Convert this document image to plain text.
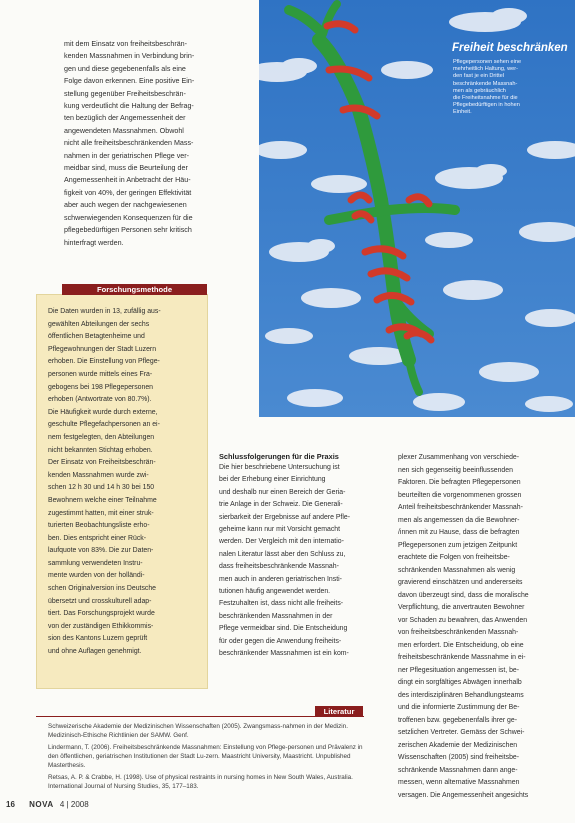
mit dem Einsatz von freiheitsbeschrän-

kenden Massnahmen in Verbindung brin-

gen und diese gegebenenfalls als eine

Folge davon erkennen. Eine positive Ein-

stellung gegenüber Freiheitsbeschrän-

kung verdeutlicht die Haltung der Befrag-

ten bezüglich der Angemessenheit der

angewendeten Massnahmen. Obwohl

nicht alle freiheitsbeschränkenden Mass-

nahmen in der geriatrischen Pflege ver-

meidbar sind, muss die Beurteilung der

Angemessenheit in Anbetracht der Häu-

figkeit von 40%, der geringen Effektivität

aber auch wegen der nachgewiesenen

schwerwiegenden Konsequenzen für die

pflegebedürftigen Personen sehr kritisch

hinterfragt werden.

Forschungsmethode

Die Daten wurden in 13, zufällig aus-

gewählten Abteilungen der sechs

öffentlichen Betagtenheime und

Pflegewohnungen der Stadt Luzern

erhoben. Die Einstellung von Pflege-

personen wurde mittels eines Fra-

gebogens bei 198 Pflegepersonen

erhoben (Antwortrate von 80.7%).

Die Häufigkeit wurde durch externe,

geschulte Pflegefachpersonen an ei-

nem festgelegten, den Abteilungen

nicht bekannten Stichtag erhoben.

Der Einsatz von Freiheitsbeschrän-

kenden Massnahmen wurde zwi-

schen 12 h 30 und 14 h 30 bei 150

Bewohnern welche einer Teilnahme

zugestimmt hatten, mit einer struk-

turierten Beobachtungsliste erho-

ben. Dies entspricht einer Rück-

laufquote von 83%. Die zur Daten-

sammlung verwendeten Instru-

mente wurden von der holländi-

schen Originalversion ins Deutsche

übersetzt und crosskulturell adap-

tiert. Das Forschungsprojekt wurde

von der zuständigen Ethikkommis-

sion des Kantons Luzern geprüft

und ohne Auflagen genehmigt.

Freiheit beschränken

Pflegepersonen sehen eine

mehrheitlich Haltung, wer-

den fast je ein Drittel

beschränkende Massnah-

men als gebräuchlich

die Freiheitsnahme für die

Pflegebedürftigen in hohen

Einheit.

Schlussfolgerungen für die Praxis

Die hier beschriebene Untersuchung ist

bei der Erhebung einer Einrichtung

und deshalb nur einen Bereich der Geria-

trie Anlage in der Schweiz. Die Generali-

sierbarkeit der Ergebnisse auf andere Pfle-

geheime kann nur mit Vorsicht gemacht

werden. Der Vergleich mit den internatio-

nalen Literatur lässt aber den Schluss zu,

dass freiheitsbeschränkende Massnah-

men auch in anderen geriatrischen Insti-

tutionen häufig angewendet werden.

Festzuhalten ist, dass nicht alle freiheits-

beschränkenden Massnahmen in der

Pflege vermeidbar sind. Die Entscheidung

für oder gegen die Anwendung freiheits-

beschränkender Massnahmen ist ein kom-

plexer Zusammenhang von verschiede-

nen sich gegenseitig beeinflussenden

Faktoren. Die befragten Pflegepersonen

beurteilten die vorgenommenen grossen

Anteil freiheitsbeschränkender Massnah-

men als angemessen da die Bewohner-

/innen mit zu Hause, dass die befragten

Pflegepersonen zum jetzigen Zeitpunkt

erachtete die Folgen von freiheitsbe-

schränkenden Massnahmen als wenig

gravierend einschätzen und andererseits

davon überzeugt sind, dass die moralische

Verpflichtung, die anvertrauten Bewohner

vor Schaden zu bewahren, das Anwenden

von freiheitsbeschränkenden Massnah-

men erfordert. Die Entscheidung, ob eine

freiheitsbeschränkende Massnahme in ei-

ner Pflegesituation angemessen ist, be-

dingt ein sorgfältiges Abwägen innerhalb

des interdisziplinären Behandlungsteams

und die informierte Zustimmung der Be-

troffenen bzw. gegebenenfalls ihrer ge-

setzlichen Vertreter. Gemäss der Schwei-

zerischen Akademie der Medizinischen

Wissenschaften (2005) sind freiheitsbe-

schränkende Massnahmen dann ange-

messen, wenn alternative Massnahmen

versagen. Die Angemessenheit angesichts

Literatur
Schweizerische Akademie der Medizinischen Wissenschaften (2005). Zwangsmass-nahmen in der Medizin. Medizinisch-Ethische Richtlinien der SAMW. Genf.
Lindermann, T. (2006). Freiheitsbeschränkende Massnahmen: Einstellung von Pflege-personen und Prävalenz in den öffentlichen, geriatrischen Institutionen der Stadt Lu-zern. Maastricht University, Maastricht. Unpublished Masterthesis.
Retsas, A. P. & Crabbe, H. (1998). Use of physical restraints in nursing homes in New South Wales, Australia. International Journal of Nursing Studies, 35, 177–183.
16 NOVA 4 | 2008
